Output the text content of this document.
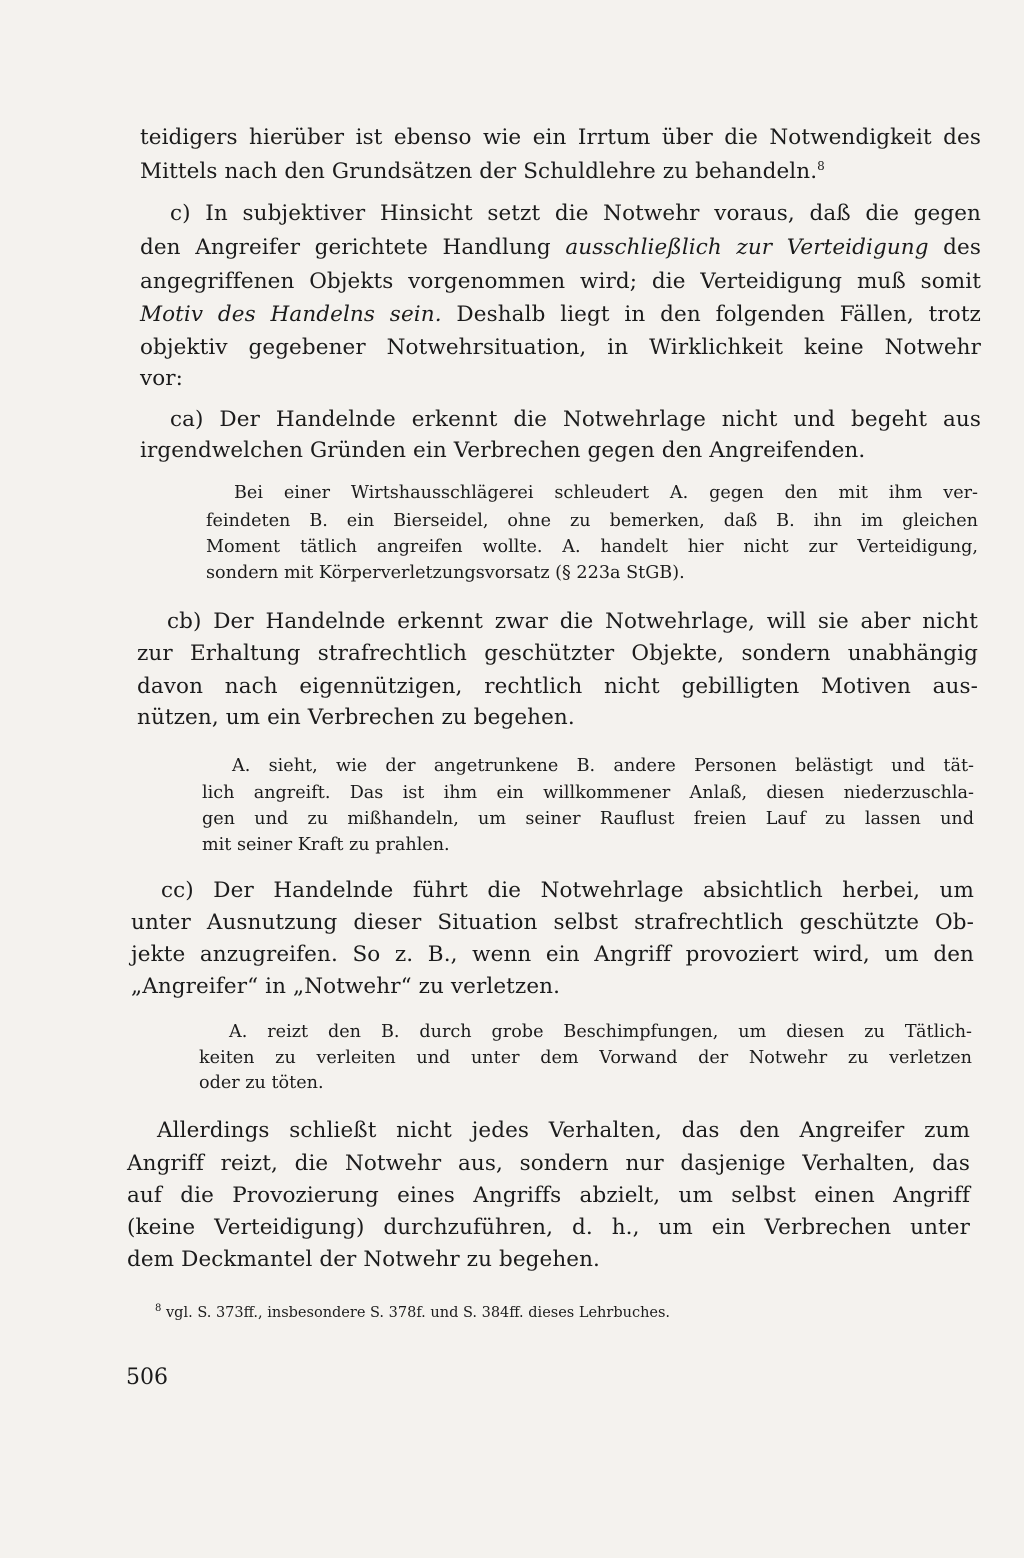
teidigers hierüber ist ebenso wie ein Irrtum über die Notwendigkeit des
Mittels nach den Grundsätzen der Schuldlehre zu behandeln.$^8$
c) In subjektiver Hinsicht setzt die Notwehr voraus, daß die gegen
den Angreifer gerichtete Handlung ausschließlich zur Verteidigung des
angegriffenen Objekts vorgenommen wird; die Verteidigung muß somit
Motiv des Handelns sein. Deshalb liegt in den folgenden Fällen, trotz
objektiv gegebener Notwehrsituation, in Wirklichkeit keine Notwehr
vor:
ca) Der Handelnde erkennt die Notwehrlage nicht und begeht aus
irgendwelchen Gründen ein Verbrechen gegen den Angreifenden.
Bei einer Wirtshausschlägerei schleudert A. gegen den mit ihm ver-
feindeten B. ein Bierseidel, ohne zu bemerken, daß B. ihn im gleichen
Moment tätlich angreifen wollte. A. handelt hier nicht zur Verteidigung,
sondern mit Körperverletzungsvorsatz (§ 223a StGB).
cb) Der Handelnde erkennt zwar die Notwehrlage, will sie aber nicht
zur Erhaltung strafrechtlich geschützter Objekte, sondern unabhängig
davon nach eigennützigen, rechtlich nicht gebilligten Motiven aus-
nützen, um ein Verbrechen zu begehen.
A. sieht, wie der angetrunkene B. andere Personen belästigt und tät-
lich angreift. Das ist ihm ein willkommener Anlaß, diesen niederzuschla-
gen und zu mißhandeln, um seiner Rauflust freien Lauf zu lassen und
mit seiner Kraft zu prahlen.
cc) Der Handelnde führt die Notwehrlage absichtlich herbei, um
unter Ausnutzung dieser Situation selbst strafrechtlich geschützte Ob-
jekte anzugreifen. So z. B., wenn ein Angriff provoziert wird, um den
„Angreifer“ in „Notwehr“ zu verletzen.
A. reizt den B. durch grobe Beschimpfungen, um diesen zu Tätlich-
keiten zu verleiten und unter dem Vorwand der Notwehr zu verletzen
oder zu töten.
Allerdings schließt nicht jedes Verhalten, das den Angreifer zum
Angriff reizt, die Notwehr aus, sondern nur dasjenige Verhalten, das
auf die Provozierung eines Angriffs abzielt, um selbst einen Angriff
(keine Verteidigung) durchzuführen, d. h., um ein Verbrechen unter
dem Deckmantel der Notwehr zu begehen.
$^8$ vgl. S. 373ff., insbesondere S. 378f. und S. 384ff. dieses Lehrbuches.
506
